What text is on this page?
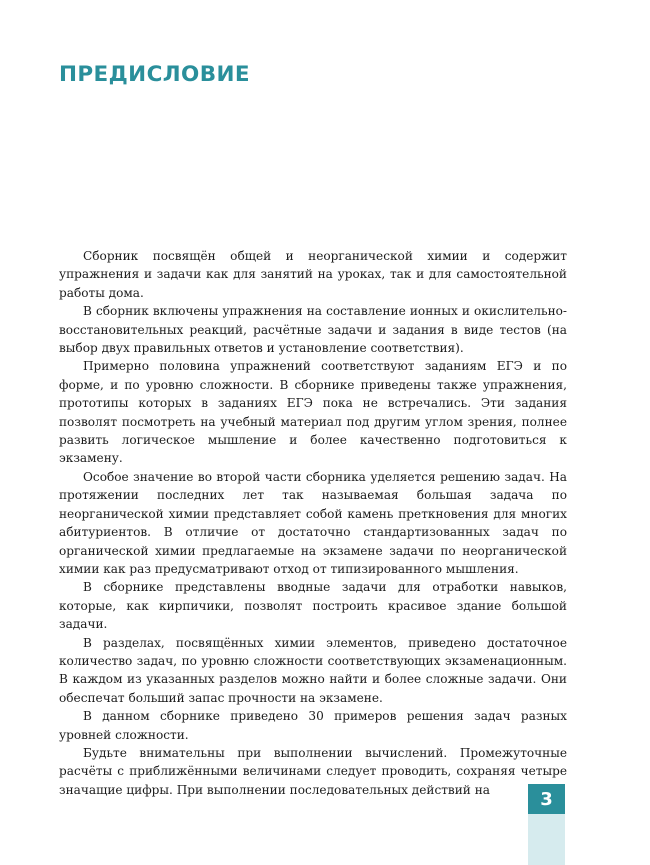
ПРЕДИСЛОВИЕ

Сборник посвящён общей и неорганической химии и содержит упражнения и задачи как для занятий на уроках, так и для самостоятельной работы дома.

В сборник включены упражнения на составление ионных и окислительно-восстановительных реакций, расчётные задачи и задания в виде тестов (на выбор двух правильных ответов и установление соответствия).

Примерно половина упражнений соответствуют заданиям ЕГЭ и по форме, и по уровню сложности. В сборнике приведены также упражнения, прототипы которых в заданиях ЕГЭ пока не встречались. Эти задания позволят посмотреть на учебный материал под другим углом зрения, полнее развить логическое мышление и более качественно подготовиться к экзамену.

Особое значение во второй части сборника уделяется решению задач. На протяжении последних лет так называемая большая задача по неорганической химии представляет собой камень преткновения для многих абитуриентов. В отличие от достаточно стандартизованных задач по органической химии предлагаемые на экзамене задачи по неорганической химии как раз предусматривают отход от типизированного мышления.

В сборнике представлены вводные задачи для отработки навыков, которые, как кирпичики, позволят построить красивое здание большой задачи.

В разделах, посвящённых химии элементов, приведено достаточное количество задач, по уровню сложности соответствующих экзаменационным. В каждом из указанных разделов можно найти и более сложные задачи. Они обеспечат больший запас прочности на экзамене.

В данном сборнике приведено 30 примеров решения задач разных уровней сложности.

Будьте внимательны при выполнении вычислений. Промежуточные расчёты с приближёнными величинами следует проводить, сохраняя четыре значащие цифры. При выполнении последовательных действий на	3
